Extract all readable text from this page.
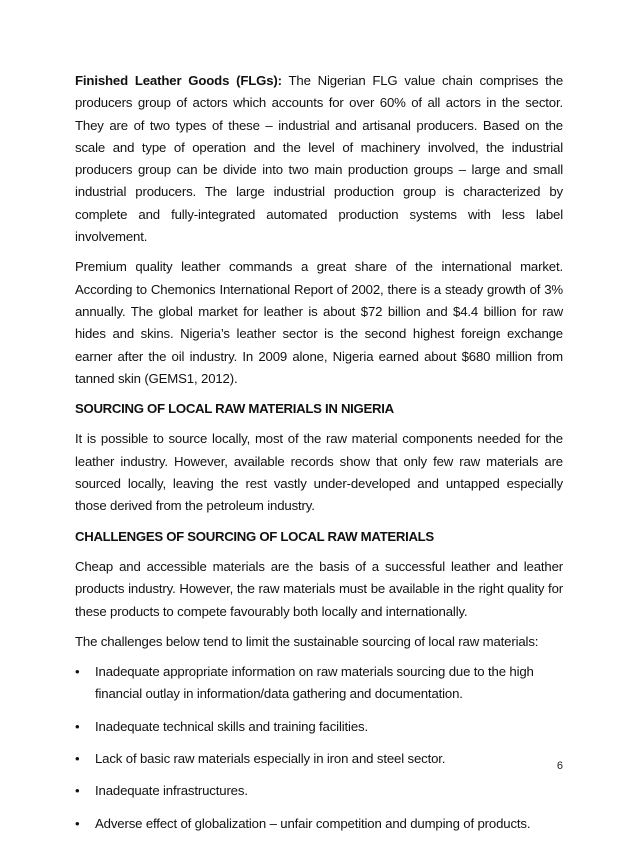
Finished Leather Goods (FLGs): The Nigerian FLG value chain comprises the producers group of actors which accounts for over 60% of all actors in the sector. They are of two types of these – industrial and artisanal producers. Based on the scale and type of operation and the level of machinery involved, the industrial producers group can be divide into two main production groups – large and small industrial producers. The large industrial production group is characterized by complete and fully-integrated automated production systems with less label involvement.

Premium quality leather commands a great share of the international market. According to Chemonics International Report of 2002, there is a steady growth of 3% annually. The global market for leather is about $72 billion and $4.4 billion for raw hides and skins. Nigeria’s leather sector is the second highest foreign exchange earner after the oil industry. In 2009 alone, Nigeria earned about $680 million from tanned skin (GEMS1, 2012).

SOURCING OF LOCAL RAW MATERIALS IN NIGERIA

It is possible to source locally, most of the raw material components needed for the leather industry. However, available records show that only few raw materials are sourced locally, leaving the rest vastly under-developed and untapped especially those derived from the petroleum industry.

CHALLENGES OF SOURCING OF LOCAL RAW MATERIALS

Cheap and accessible materials are the basis of a successful leather and leather products industry. However, the raw materials must be available in the right quality for these products to compete favourably both locally and internationally.

The challenges below tend to limit the sustainable sourcing of local raw materials:

• Inadequate appropriate information on raw materials sourcing due to the high financial outlay in information/data gathering and documentation.
• Inadequate technical skills and training facilities.
• Lack of basic raw materials especially in iron and steel sector.
• Inadequate infrastructures.
• Adverse effect of globalization – unfair competition and dumping of products.
6
